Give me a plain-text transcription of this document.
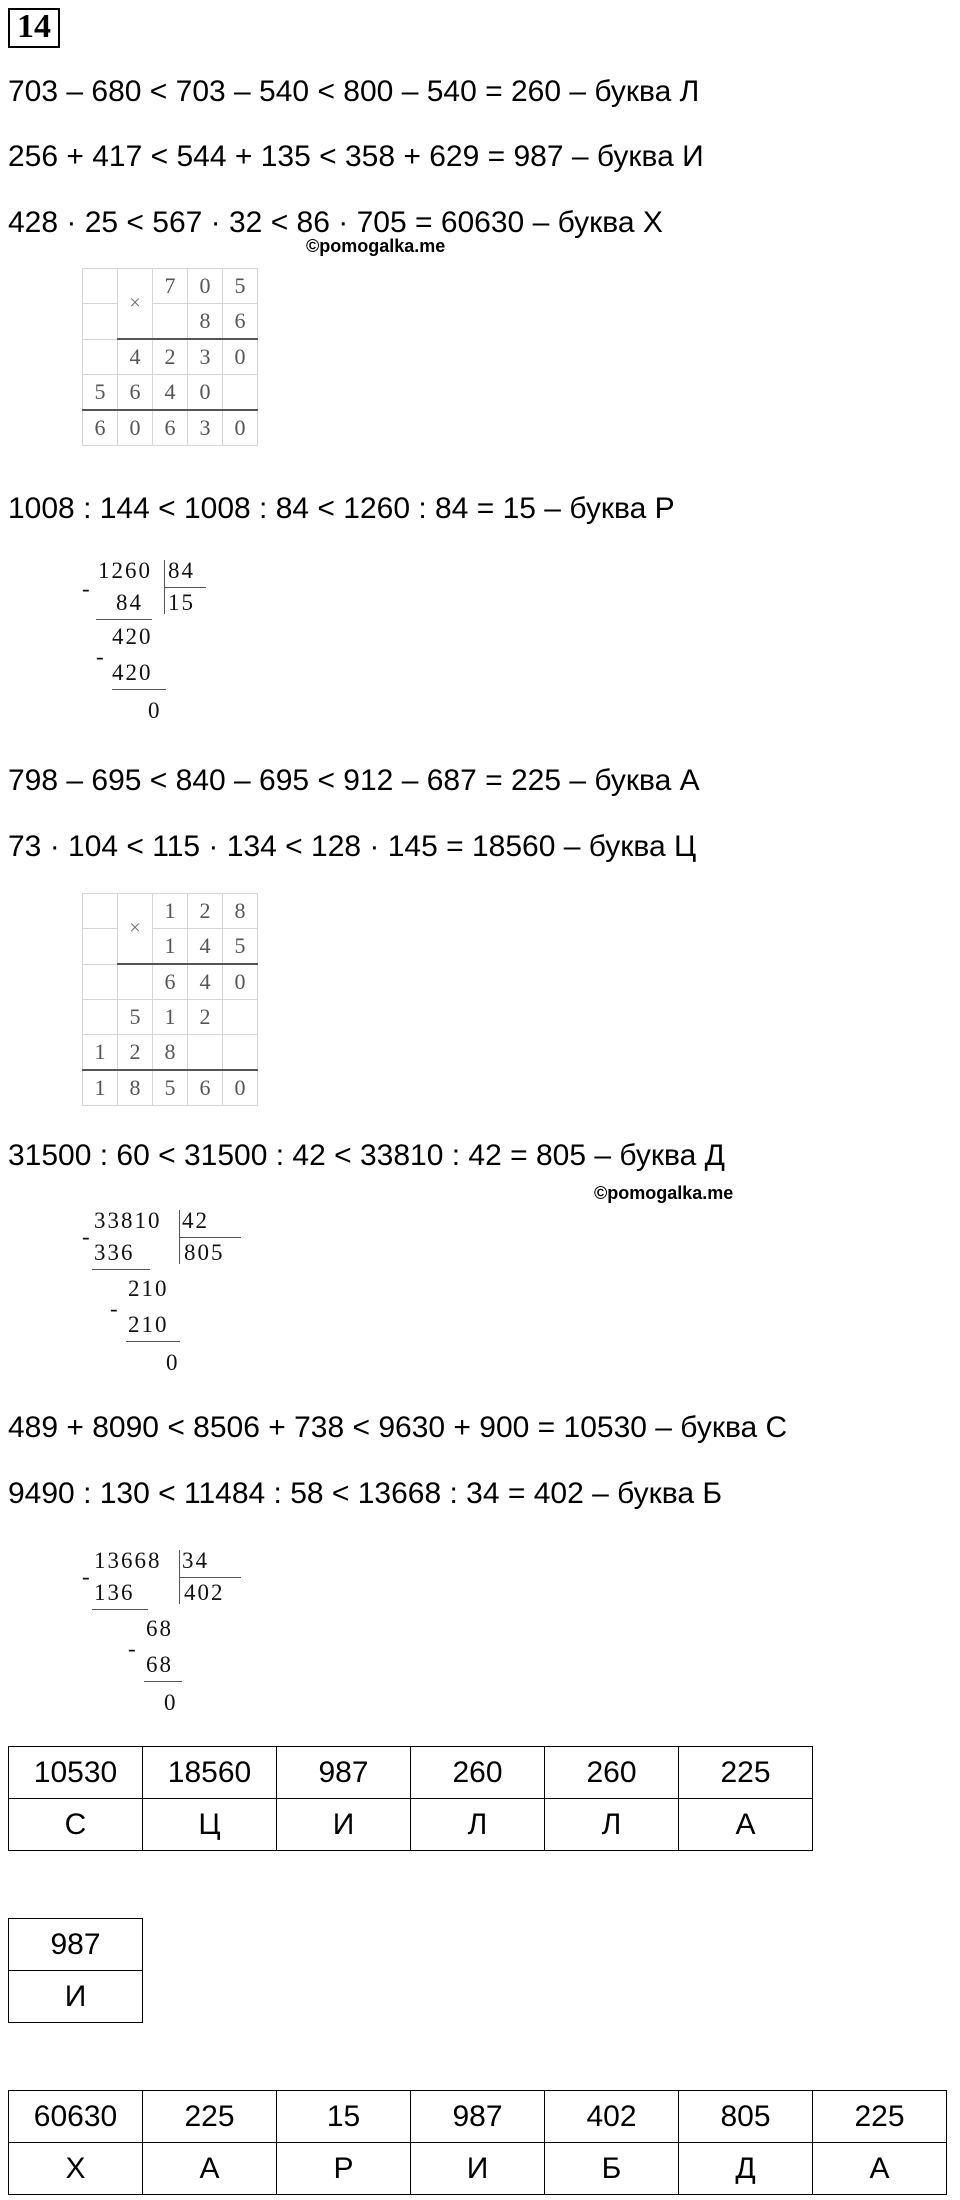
14
703 – 680 < 703 – 540 < 800 – 540 = 260 – буква Л
256 + 417 < 544 + 135 < 358 + 629 = 987 – буква И
428 · 25 < 567 · 32 < 86 · 705 = 60630 – буква Х
©pomogalka.me
	×	7	0	5
			8	6
	4	2	3	0
5	6	4	0	
6	0	6	3	0
1008 : 144 < 1008 : 84 < 1260 : 84 = 15 – буква Р
1260 84
-
84 15
420
-
420
0
798 – 695 < 840 – 695 < 912 – 687 = 225 – буква А
73 · 104 < 115 · 134 < 128 · 145 = 18560 – буква Ц
	×	1	2	8
		1	4	5
		6	4	0
	5	1	2	
1	2	8		
1	8	5	6	0
31500 : 60 < 31500 : 42 < 33810 : 42 = 805 – буква Д
©pomogalka.me
33810 42
-
336 805
210
-
210
0
489 + 8090 < 8506 + 738 < 9630 + 900 = 10530 – буква С
9490 : 130 < 11484 : 58 < 13668 : 34 = 402 – буква Б
13668 34
-
136 402
68
-
68
0
10530	18560	987	260	260	225
С	Ц	И	Л	Л	А
987
И
60630	225	15	987	402	805	225
Х	А	Р	И	Б	Д	А
